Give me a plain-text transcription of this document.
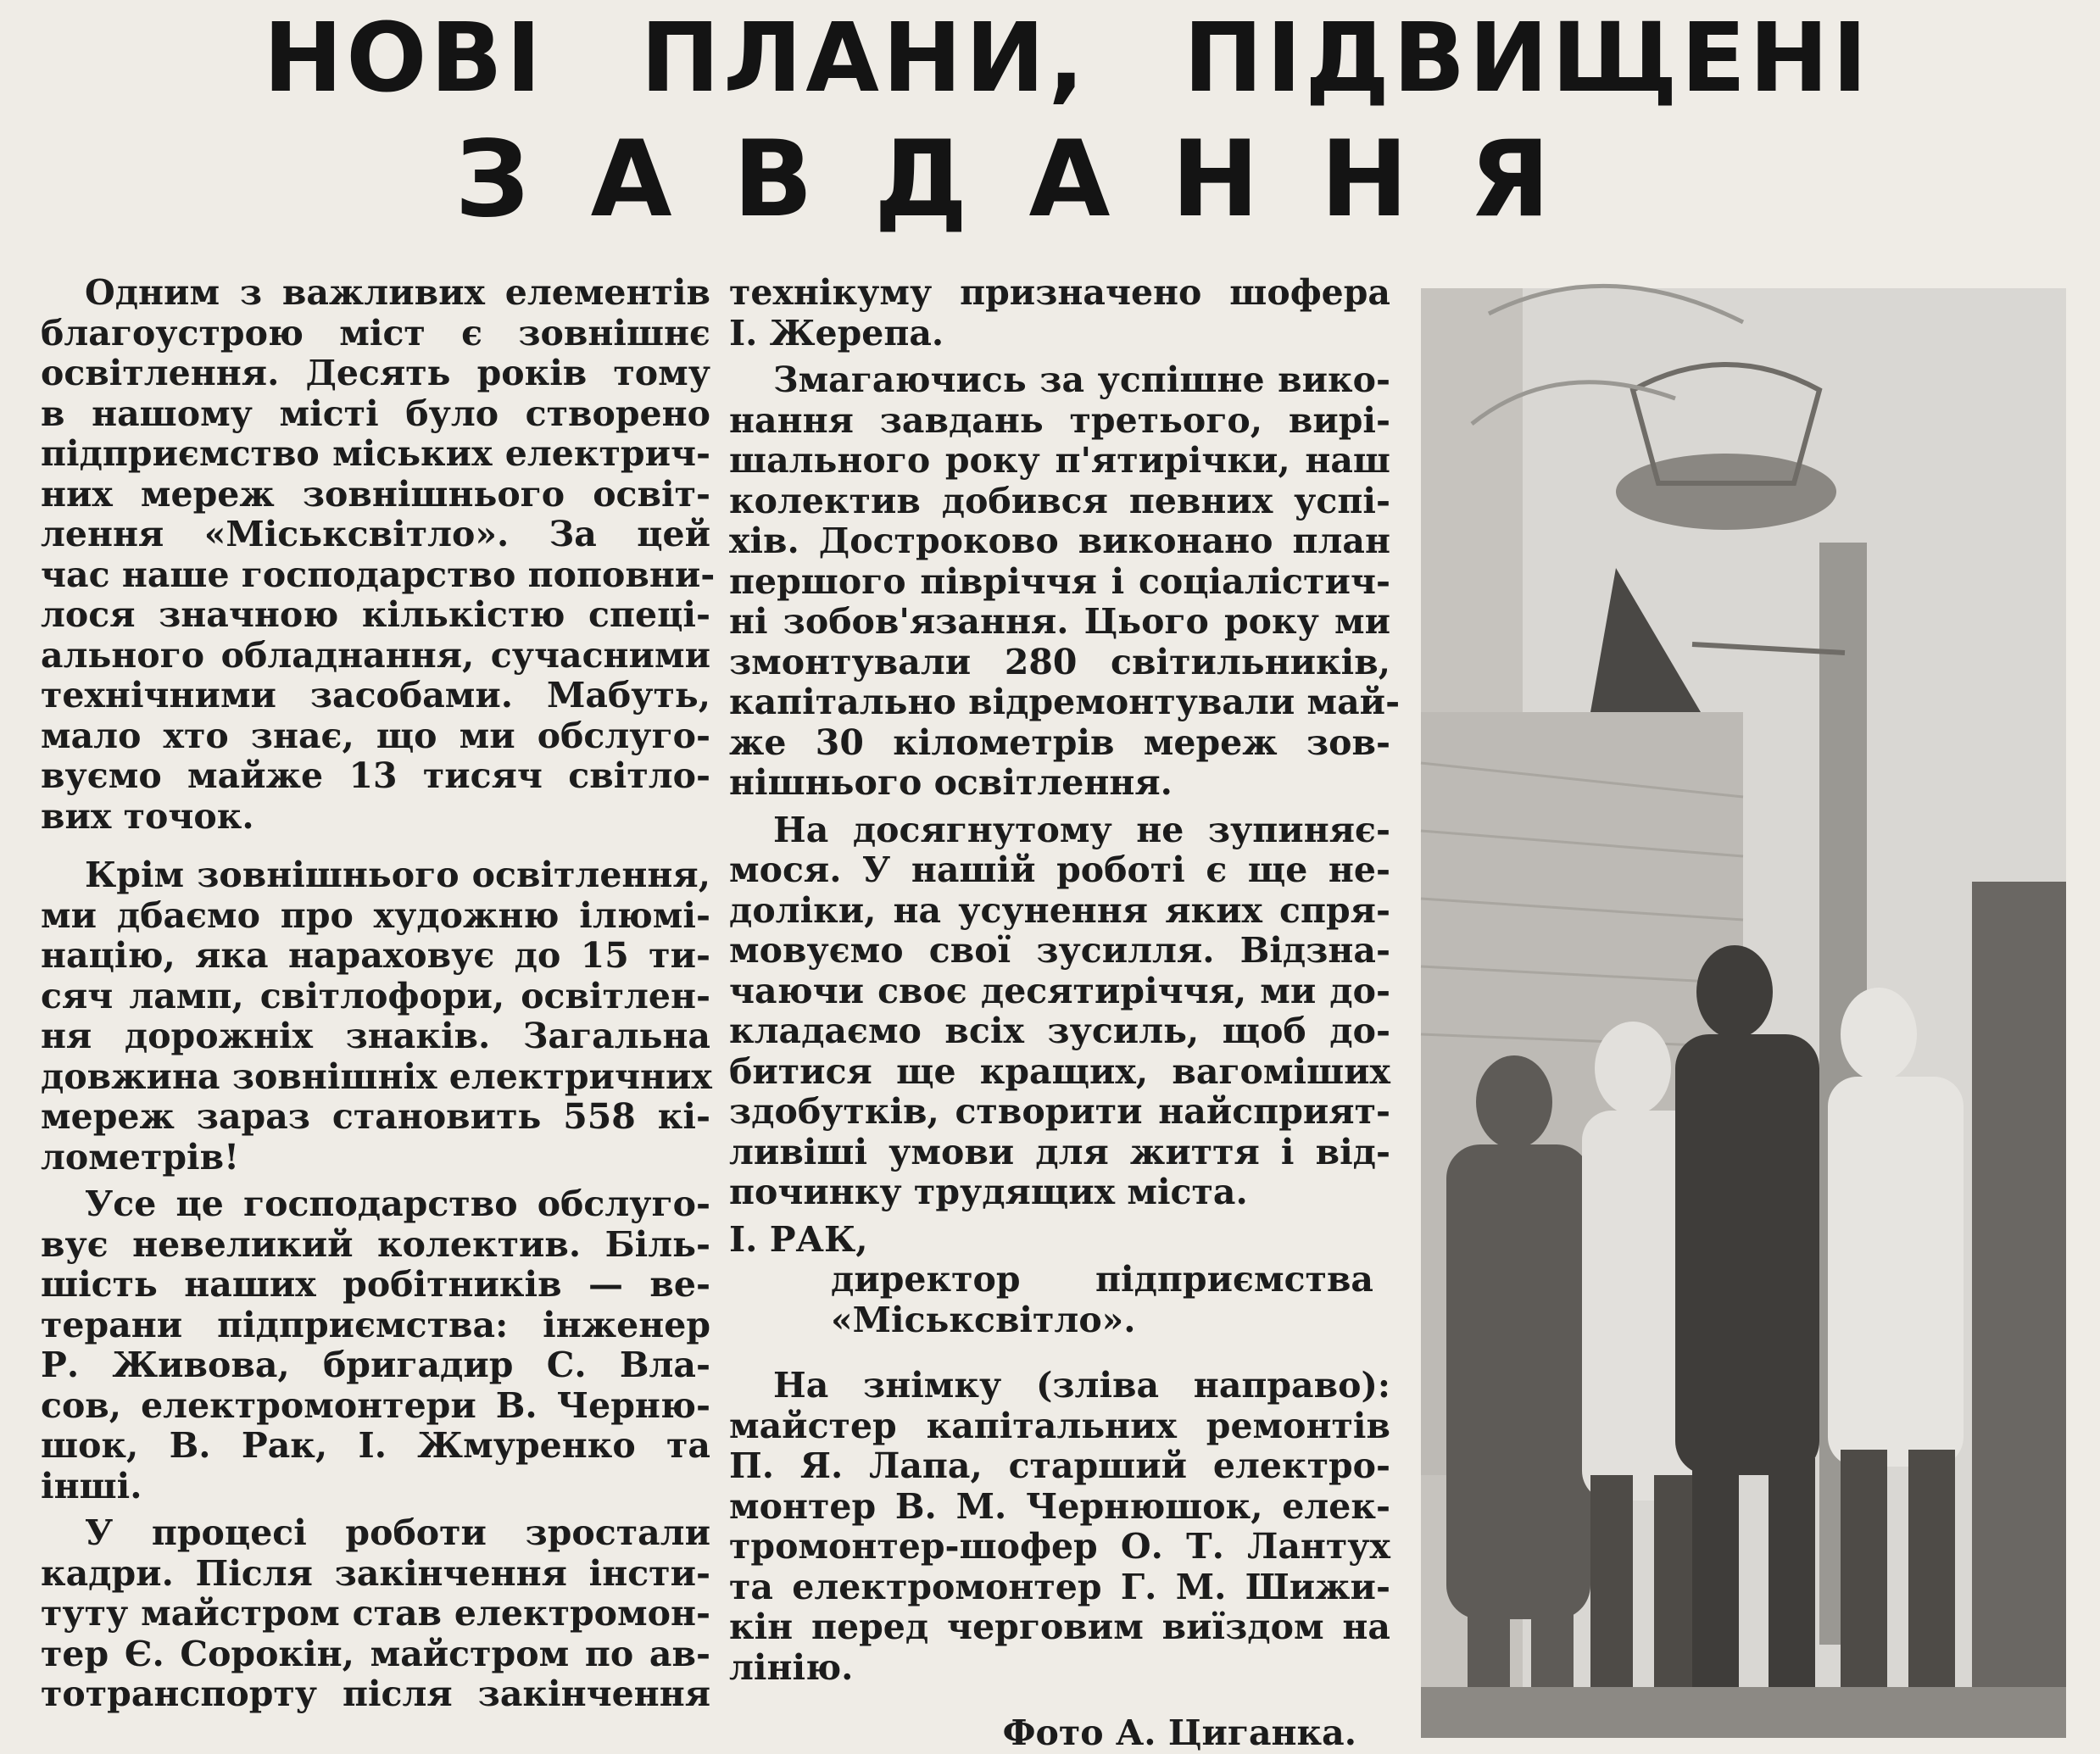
НОВІ ПЛАНИ, ПІДВИЩЕНІ
ЗАВДАННЯ

Одним з важливих елементів
благоустрою міст є зовнішнє
освітлення. Десять років тому
в нашому місті було створено
підприємство міських електрич-
них мереж зовнішнього освіт-
лення «Міськсвітло». За цей
час наше господарство поповни-
лося значною кількістю спеці-
ального обладнання, сучасними
технічними засобами. Мабуть,
мало хто знає, що ми обслуго-
вуємо майже 13 тисяч світло-
вих точок.

Крім зовнішнього освітлення,
ми дбаємо про художню ілюмі-
націю, яка нараховує до 15 ти-
сяч ламп, світлофори, освітлен-
ня дорожніх знаків. Загальна
довжина зовнішніх електричних
мереж зараз становить 558 кі-
лометрів!

Усе це господарство обслуго-
вує невеликий колектив. Біль-
шість наших робітників — ве-
терани підприємства: інженер
Р. Живова, бригадир С. Вла-
сов, електромонтери В. Черню-
шок, В. Рак, І. Жмуренко та
інші.

У процесі роботи зростали
кадри. Після закінчення інсти-
туту майстром став електромон-
тер Є. Сорокін, майстром по ав-
тотранспорту після закінчення

технікуму призначено шофера
І. Жерепа.

Змагаючись за успішне вико-
нання завдань третього, вирі-
шального року п'ятирічки, наш
колектив добився певних успі-
хів. Достроково виконано план
першого півріччя і соціалістич-
ні зобов'язання. Цього року ми
змонтували 280 світильників,
капітально відремонтували май-
же 30 кілометрів мереж зов-
нішнього освітлення.

На досягнутому не зупиняє-
мося. У нашій роботі є ще не-
доліки, на усунення яких спря-
мовуємо свої зусилля. Відзна-
чаючи своє десятиріччя, ми до-
кладаємо всіх зусиль, щоб до-
битися ще кращих, вагоміших
здобутків, створити найсприят-
ливіші умови для життя і від-
починку трудящих міста.

І. РАК,

директор підприємства
«Міськсвітло».

На знімку (зліва направо):
майстер капітальних ремонтів
П. Я. Лапа, старший електро-
монтер В. М. Чернюшок, елек-
тромонтер-шофер О. Т. Лантух
та електромонтер Г. М. Шижи-
кін перед черговим виїздом на
лінію.

Фото А. Циганка.
